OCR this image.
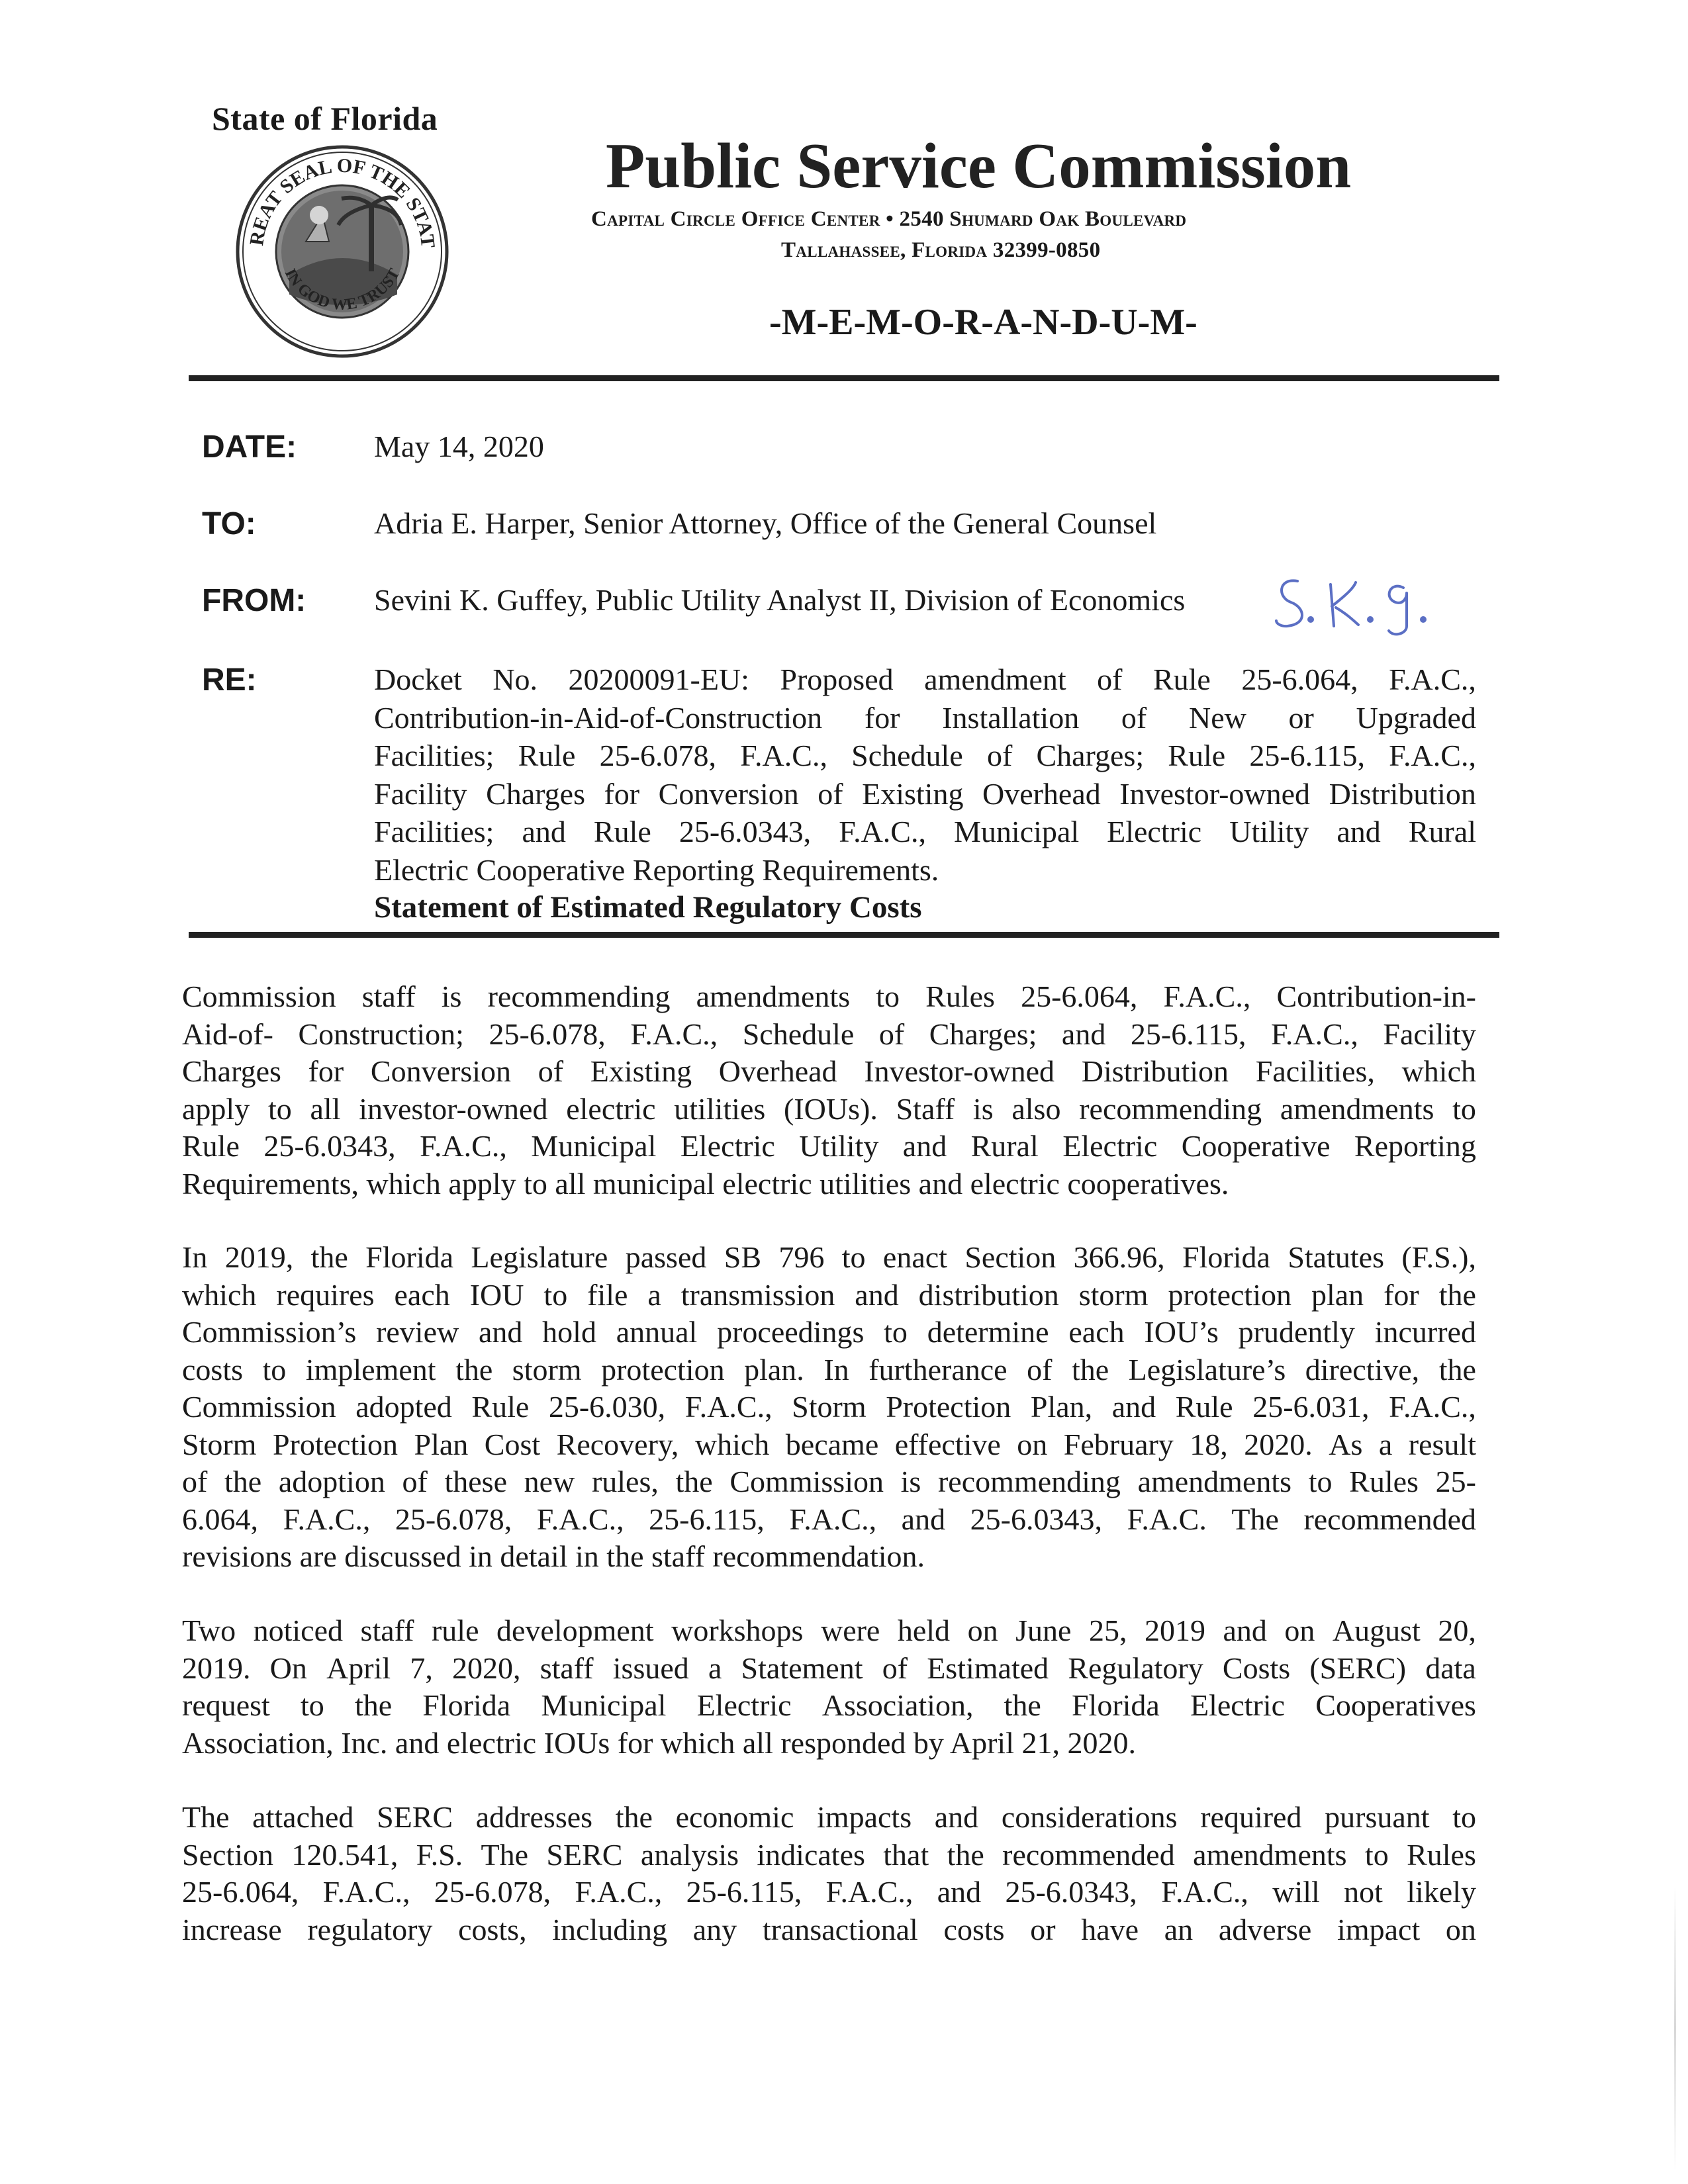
State of Florida
REAT SEAL OF THE STAT
IN GOD WE TRUST
Public Service Commission
Capital Circle Office Center • 2540 Shumard Oak Boulevard
Tallahassee, Florida 32399-0850
-M-E-M-O-R-A-N-D-U-M-
DATE:	May 14, 2020
TO:	Adria E. Harper, Senior Attorney, Office of the General Counsel
FROM: Sevini K. Guffey, Public Utility Analyst II, Division of Economics
RE:	Docket No. 20200091-EU: Proposed amendment of Rule 25-6.064, F.A.C.,
Contribution-in-Aid-of-Construction for Installation of New or Upgraded
Facilities; Rule 25-6.078, F.A.C., Schedule of Charges; Rule 25-6.115, F.A.C.,
Facility Charges for Conversion of Existing Overhead Investor-owned Distribution
Facilities; and Rule 25-6.0343, F.A.C., Municipal Electric Utility and Rural
Electric Cooperative Reporting Requirements.
Statement of Estimated Regulatory Costs
Commission staff is recommending amendments to Rules 25-6.064, F.A.C., Contribution-in-
Aid-of- Construction; 25-6.078, F.A.C., Schedule of Charges; and 25-6.115, F.A.C., Facility
Charges for Conversion of Existing Overhead Investor-owned Distribution Facilities, which
apply to all investor-owned electric utilities (IOUs). Staff is also recommending amendments to
Rule 25-6.0343, F.A.C., Municipal Electric Utility and Rural Electric Cooperative Reporting
Requirements, which apply to all municipal electric utilities and electric cooperatives.
In 2019, the Florida Legislature passed SB 796 to enact Section 366.96, Florida Statutes (F.S.),
which requires each IOU to file a transmission and distribution storm protection plan for the
Commission’s review and hold annual proceedings to determine each IOU’s prudently incurred
costs to implement the storm protection plan. In furtherance of the Legislature’s directive, the
Commission adopted Rule 25-6.030, F.A.C., Storm Protection Plan, and Rule 25-6.031, F.A.C.,
Storm Protection Plan Cost Recovery, which became effective on February 18, 2020. As a result
of the adoption of these new rules, the Commission is recommending amendments to Rules 25-
6.064, F.A.C., 25-6.078, F.A.C., 25-6.115, F.A.C., and 25-6.0343, F.A.C. The recommended
revisions are discussed in detail in the staff recommendation.
Two noticed staff rule development workshops were held on June 25, 2019 and on August 20,
2019. On April 7, 2020, staff issued a Statement of Estimated Regulatory Costs (SERC) data
request to the Florida Municipal Electric Association, the Florida Electric Cooperatives
Association, Inc. and electric IOUs for which all responded by April 21, 2020.
The attached SERC addresses the economic impacts and considerations required pursuant to
Section 120.541, F.S. The SERC analysis indicates that the recommended amendments to Rules
25-6.064, F.A.C., 25-6.078, F.A.C., 25-6.115, F.A.C., and 25-6.0343, F.A.C., will not likely
increase regulatory costs, including any transactional costs or have an adverse impact on
